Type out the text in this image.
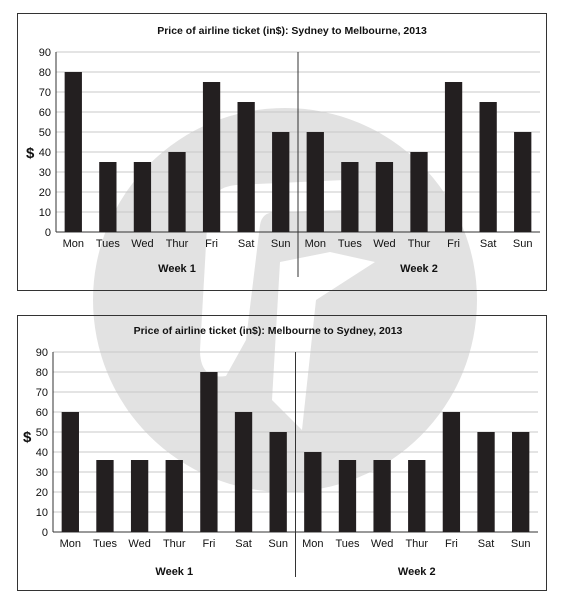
Price of airline ticket (in$): Sydney to Melbourne, 2013
$
0
10
20
30
40
50
60
70
80
90
Mon Tues Wed Thur Fri Sat Sun Mon Tues Wed Thur Fri Sat Sun
Week 1	Week 2
Price of airline ticket (in$): Melbourne to Sydney, 2013
$
0
10
20
30
40
50
60
70
80
90
Mon Tues Wed Thur Fri Sat Sun Mon Tues Wed Thur Fri Sat Sun
Week 1	Week 2
